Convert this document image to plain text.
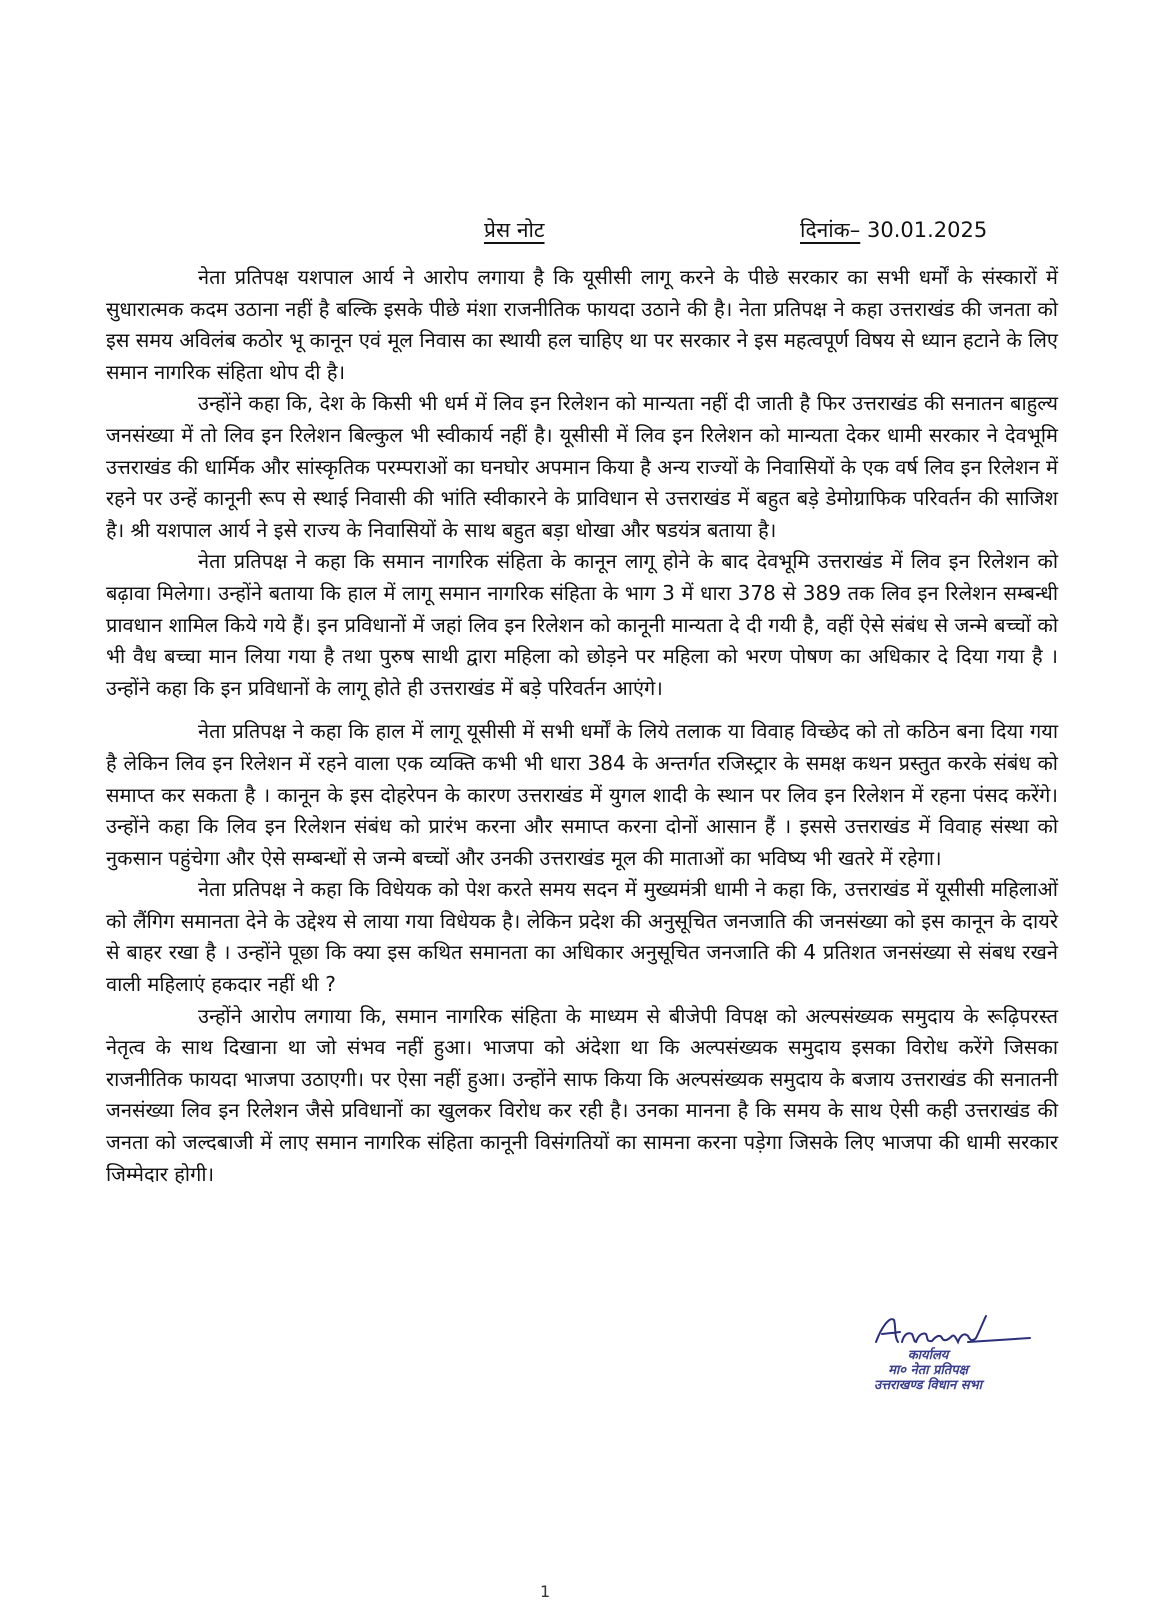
प्रेस नोट	दिनांक– 30.01.2025

नेता प्रतिपक्ष यशपाल आर्य ने आरोप लगाया है कि यूसीसी लागू करने के पीछे सरकार का सभी धर्मों के संस्कारों में सुधारात्मक कदम उठाना नहीं है बल्कि इसके पीछे मंशा राजनीतिक फायदा उठाने की है। नेता प्रतिपक्ष ने कहा उत्तराखंड की जनता को इस समय अविलंब कठोर भू कानून एवं मूल निवास का स्थायी हल चाहिए था पर सरकार ने इस महत्वपूर्ण विषय से ध्यान हटाने के लिए समान नागरिक संहिता थोप दी है।

उन्होंने कहा कि, देश के किसी भी धर्म में लिव इन रिलेशन को मान्यता नहीं दी जाती है फिर उत्तराखंड की सनातन बाहुल्य जनसंख्या में तो लिव इन रिलेशन बिल्कुल भी स्वीकार्य नहीं है। यूसीसी में लिव इन रिलेशन को मान्यता देकर धामी सरकार ने देवभूमि उत्तराखंड की धार्मिक और सांस्कृतिक परम्पराओं का घनघोर अपमान किया है अन्य राज्यों के निवासियों के एक वर्ष लिव इन रिलेशन में रहने पर उन्हें कानूनी रूप से स्थाई निवासी की भांति स्वीकारने के प्राविधान से उत्तराखंड में बहुत बड़े डेमोग्राफिक परिवर्तन की साजिश है। श्री यशपाल आर्य ने इसे राज्य के निवासियों के साथ बहुत बड़ा धोखा और षडयंत्र बताया है।

नेता प्रतिपक्ष ने कहा कि समान नागरिक संहिता के कानून लागू होने के बाद देवभूमि उत्तराखंड में लिव इन रिलेशन को बढ़ावा मिलेगा। उन्होंने बताया कि हाल में लागू समान नागरिक संहिता के भाग 3 में धारा 378 से 389 तक लिव इन रिलेशन सम्बन्धी प्रावधान शामिल किये गये हैं। इन प्रविधानों में जहां लिव इन रिलेशन को कानूनी मान्यता दे दी गयी है, वहीं ऐसे संबंध से जन्मे बच्चों को भी वैध बच्चा मान लिया गया है तथा पुरुष साथी द्वारा महिला को छोड़ने पर महिला को भरण पोषण का अधिकार दे दिया गया है । उन्होंने कहा कि इन प्रविधानों के लागू होते ही उत्तराखंड में बड़े परिवर्तन आएंगे।

नेता प्रतिपक्ष ने कहा कि हाल में लागू यूसीसी में सभी धर्मों के लिये तलाक या विवाह विच्छेद को तो कठिन बना दिया गया है लेकिन लिव इन रिलेशन में रहने वाला एक व्यक्ति कभी भी धारा 384 के अन्तर्गत रजिस्ट्रार के समक्ष कथन प्रस्तुत करके संबंध को समाप्त कर सकता है । कानून के इस दोहरेपन के कारण उत्तराखंड में युगल शादी के स्थान पर लिव इन रिलेशन में रहना पंसद करेंगे। उन्होंने कहा कि लिव इन रिलेशन संबंध को प्रारंभ करना और समाप्त करना दोनों आसान हैं । इससे उत्तराखंड में विवाह संस्था को नुकसान पहुंचेगा और ऐसे सम्बन्धों से जन्मे बच्चों और उनकी उत्तराखंड मूल की माताओं का भविष्य भी खतरे में रहेगा।

नेता प्रतिपक्ष ने कहा कि विधेयक को पेश करते समय सदन में मुख्यमंत्री धामी ने कहा कि, उत्तराखंड में यूसीसी महिलाओं को लैंगिग समानता देने के उद्देश्य से लाया गया विधेयक है। लेकिन प्रदेश की अनुसूचित जनजाति की जनसंख्या को इस कानून के दायरे से बाहर रखा है । उन्होंने पूछा कि क्या इस कथित समानता का अधिकार अनुसूचित जनजाति की 4 प्रतिशत जनसंख्या से संबध रखने वाली महिलाएं हकदार नहीं थी ?

उन्होंने आरोप लगाया कि, समान नागरिक संहिता के माध्यम से बीजेपी विपक्ष को अल्पसंख्यक समुदाय के रूढ़िपरस्त नेतृत्व के साथ दिखाना था जो संभव नहीं हुआ। भाजपा को अंदेशा था कि अल्पसंख्यक समुदाय इसका विरोध करेंगे जिसका राजनीतिक फायदा भाजपा उठाएगी। पर ऐसा नहीं हुआ। उन्होंने साफ किया कि अल्पसंख्यक समुदाय के बजाय उत्तराखंड की सनातनी जनसंख्या लिव इन रिलेशन जैसे प्रविधानों का खुलकर विरोध कर रही है। उनका मानना है कि समय के साथ ऐसी कही उत्तराखंड की जनता को जल्दबाजी में लाए समान नागरिक संहिता कानूनी विसंगतियों का सामना करना पड़ेगा जिसके लिए भाजपा की धामी सरकार जिम्मेदार होगी।

कार्यालय
मा० नेता प्रतिपक्ष
उत्तराखण्ड विधान सभा
1
